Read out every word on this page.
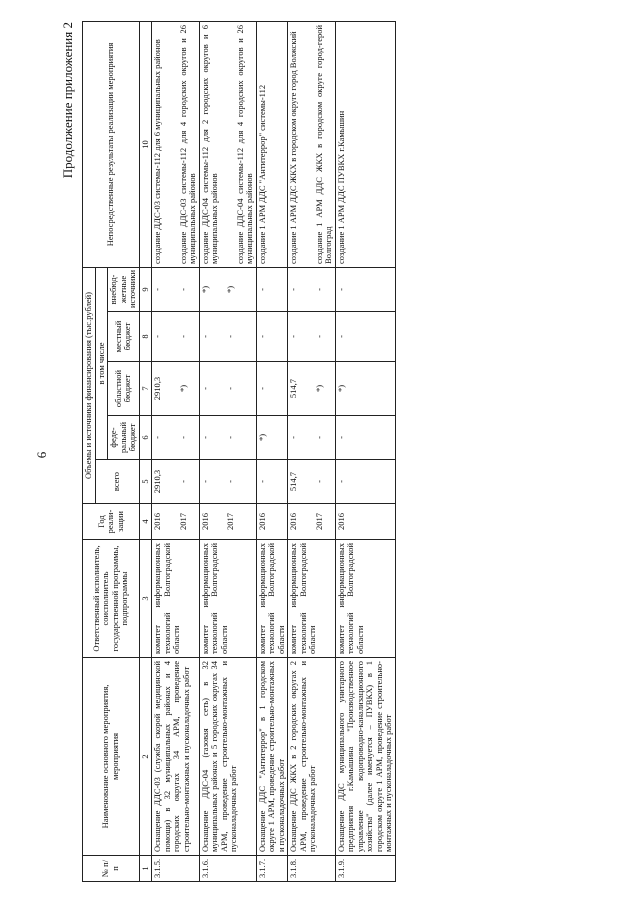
6
Продолжение приложения 2
№ п/п	Наименование основного мероприятия, мероприятия	Ответственный исполнитель, соисполнитель государственной программы, подпрограммы	Год реали-зации	Объемы и источники финансирования (тыс.рублей)					Непосредственные результаты реализации мероприятия
				всего	в том числе				
					феде-ральный бюджет	областной бюджет	местный бюджет	внебюд-жетные источники	
1	2	3	4	5	6	7	8	9	10
3.1.5.	Оснащение ДДС-03 (служба скорой медицинской помощи) в 32 муниципальных районах и 4 городских округах 34 АРМ, проведение строительно-монтажных и пусконаладочных работ	комитет информационных технологий Волгоградской области	2016 2017	2910,3 -	- -	2910,3 *)	- -	- -	создание ДДС-03 системы-112 для 6 муниципальных районов создание ДДС-03 системы-112 для 4 городских округов и 26 муниципальных районов

3.1.6.	Оснащение ДДС-04 (газовая сеть) в 32 муниципальных районах и 5 городских округах 34 АРМ, проведение строительно-монтажных и пусконаладочных работ	комитет информационных технологий Волгоградской области	2016 2017	- -	- -	- -	- -	*) *)	создание ДДС-04 системы-112 для 2 городских округов и 6 муниципальных районов создание ДДС-04 системы-112 для 4 городских округов и 26 муниципальных районов

3.1.7.	Оснащение ДДС "Антитеррор" в 1 городском округе 1 АРМ, проведение строительно-монтажных и пусконаладочных работ	комитет информационных технологий Волгоградской области	2016	-	*)	-	-	-	создание 1 АРМ ДДС "Антитеррор" системы-112
3.1.8.	Оснащение ДДС ЖКХ в 2 городских округах 2 АРМ, проведение строительно-монтажных и пусконаладочных работ	комитет информационных технологий Волгоградской области	2016 2017	514,7 -	- -	514,7 *)	- -	- -	создание 1 АРМ ДДС ЖКХ в городском округе город Волжский создание 1 АРМ ДДС ЖКХ в городском округе город-герой Волгоград

3.1.9.	Оснащение ДДС муниципального унитарного предприятия г.Камышина "Производственное управление водопроводно-канализационного хозяйства" (далее именуется – ПУВКХ) в 1 городском округе 1 АРМ, проведение строительно-монтажных и пусконаладочных работ	комитет информационных технологий Волгоградской области	2016	-	-	*)	-	-	создание 1 АРМ ДДС ПУВКХ г.Камышин
